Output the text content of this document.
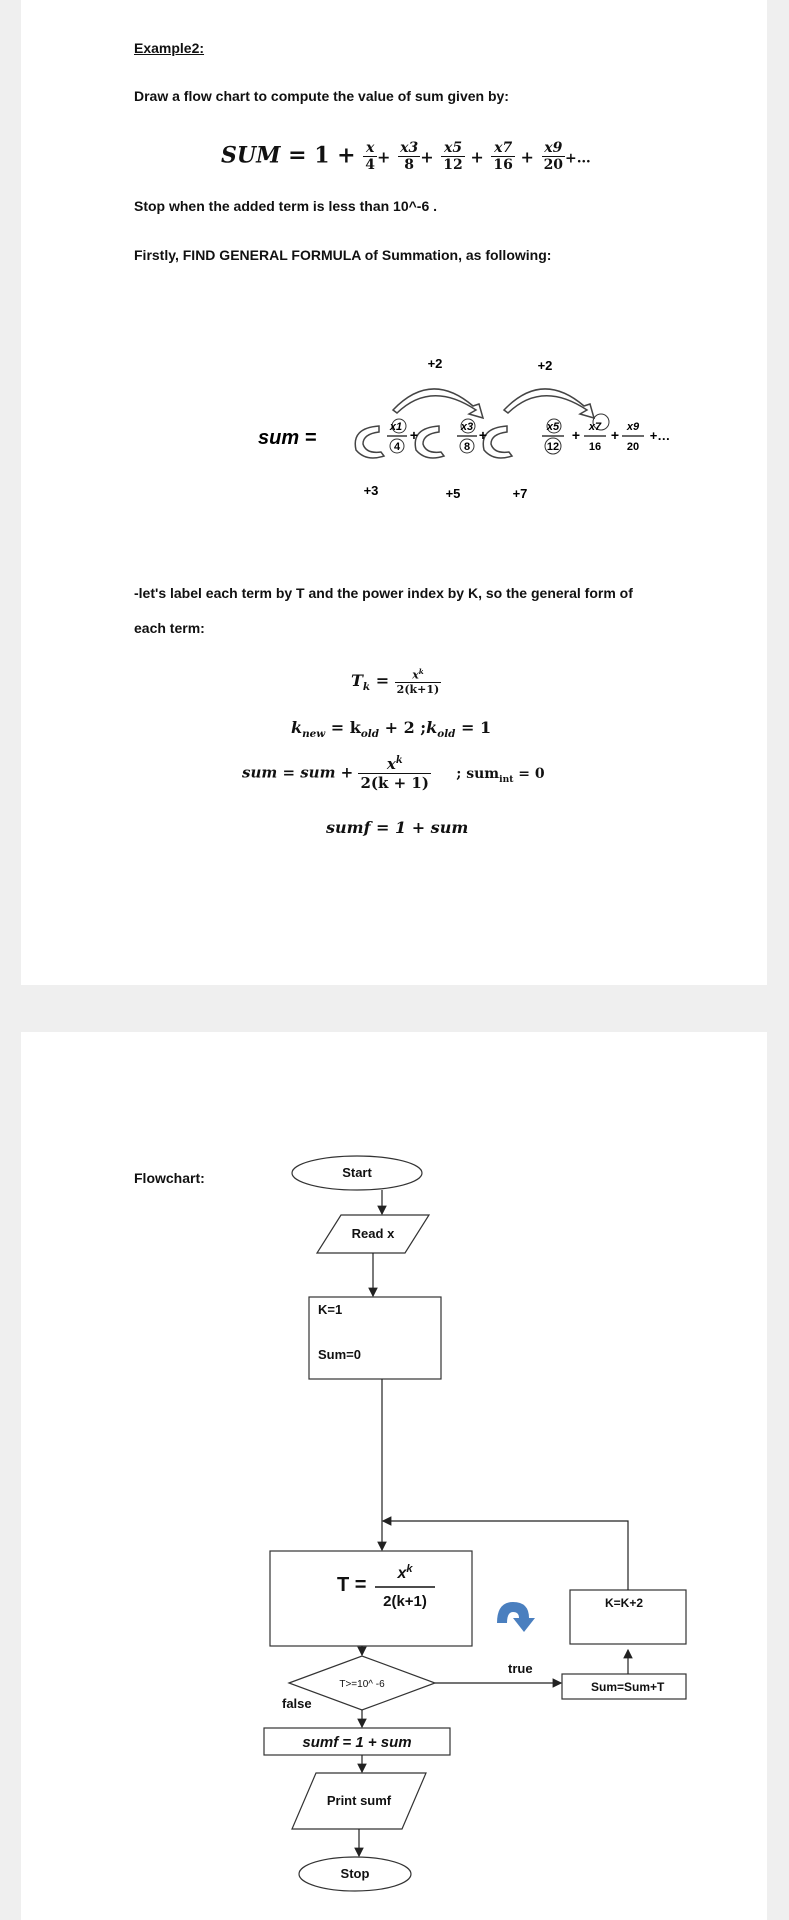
Example2:
Draw a flow chart to compute the value of sum given by:
SUM = $1 + \frac{x}{4} + \frac{x3}{8} + \frac{x5}{12} + \frac{x7}{16} + \frac{x9}{20}$ +…
Stop when the added term is less than 10^-6 .
Firstly, FIND GENERAL FORMULA of Summation, as following:
+2	+2
sum =	x1
4
+	x3
8
+	x5
12
+ x7
16
+ x9
20
+…
+3	+5	+7
-let's label each term by T and the power index by K, so the general form of
each term:
$T_k = \frac{x^k}{2(k+1)}$
$k_{new} = k_{old} + 2$ $;k_{old} = 1$
sum = sum + $\frac{x^k}{2(k + 1)}$ ; sum$_{int}$ = 0
sumf = 1 + sum
Flowchart:	Start
Read x
K=1
Sum=0
T =
$x^k$
2(k+1)	K=K+2
T>=10^ -6
true
false
Sum=Sum+T
sumf = 1 + sum
Print sumf
Stop
